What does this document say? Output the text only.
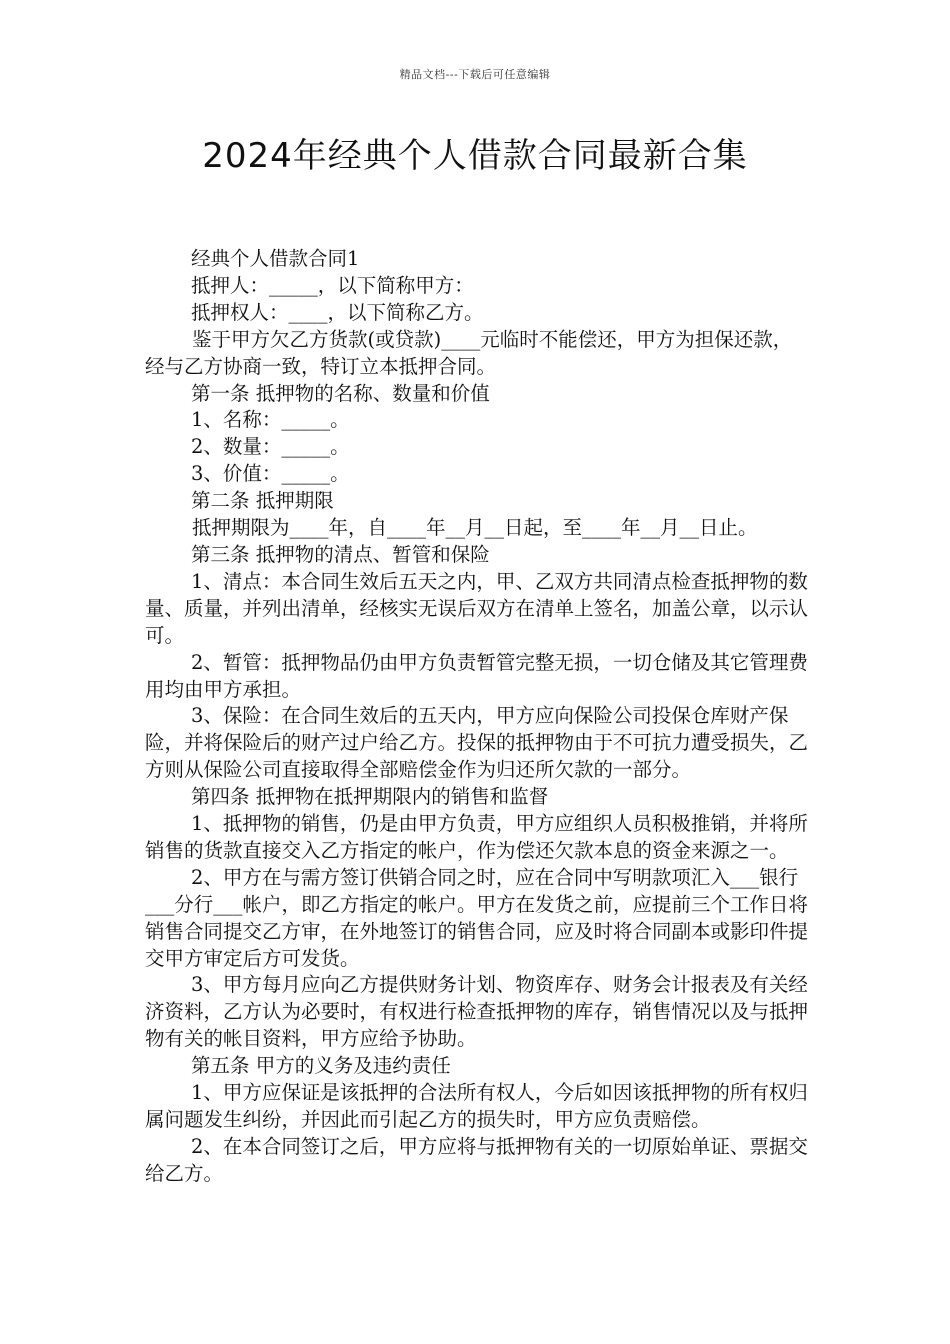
精品文档---下载后可任意编辑
2024年经典个人借款合同最新合集

经典个人借款合同1

抵押人：_____，以下简称甲方：

抵押权人：____，以下简称乙方。

鉴于甲方欠乙方货款(或贷款)____元临时不能偿还，甲方为担保还款，经与乙方协商一致，特订立本抵押合同。

第一条 抵押物的名称、数量和价值

1、名称：_____。

2、数量：_____。

3、价值：_____。

第二条 抵押期限

抵押期限为____年，自____年__月__日起，至____年__月__日止。

第三条 抵押物的清点、暂管和保险

1、清点：本合同生效后五天之内，甲、乙双方共同清点检查抵押物的数量、质量，并列出清单，经核实无误后双方在清单上签名，加盖公章，以示认可。

2、暂管：抵押物品仍由甲方负责暂管完整无损，一切仓储及其它管理费用均由甲方承担。

3、保险：在合同生效后的五天内，甲方应向保险公司投保仓库财产保险，并将保险后的财产过户给乙方。投保的抵押物由于不可抗力遭受损失，乙方则从保险公司直接取得全部赔偿金作为归还所欠款的一部分。

第四条 抵押物在抵押期限内的销售和监督

1、抵押物的销售，仍是由甲方负责，甲方应组织人员积极推销，并将所销售的货款直接交入乙方指定的帐户，作为偿还欠款本息的资金来源之一。

2、甲方在与需方签订供销合同之时，应在合同中写明款项汇入___银行___分行___帐户，即乙方指定的帐户。甲方在发货之前，应提前三个工作日将销售合同提交乙方审，在外地签订的销售合同，应及时将合同副本或影印件提交甲方审定后方可发货。

3、甲方每月应向乙方提供财务计划、物资库存、财务会计报表及有关经济资料，乙方认为必要时，有权进行检查抵押物的库存，销售情况以及与抵押物有关的帐目资料，甲方应给予协助。

第五条 甲方的义务及违约责任

1、甲方应保证是该抵押的合法所有权人，今后如因该抵押物的所有权归属问题发生纠纷，并因此而引起乙方的损失时，甲方应负责赔偿。

2、在本合同签订之后，甲方应将与抵押物有关的一切原始单证、票据交给乙方。
